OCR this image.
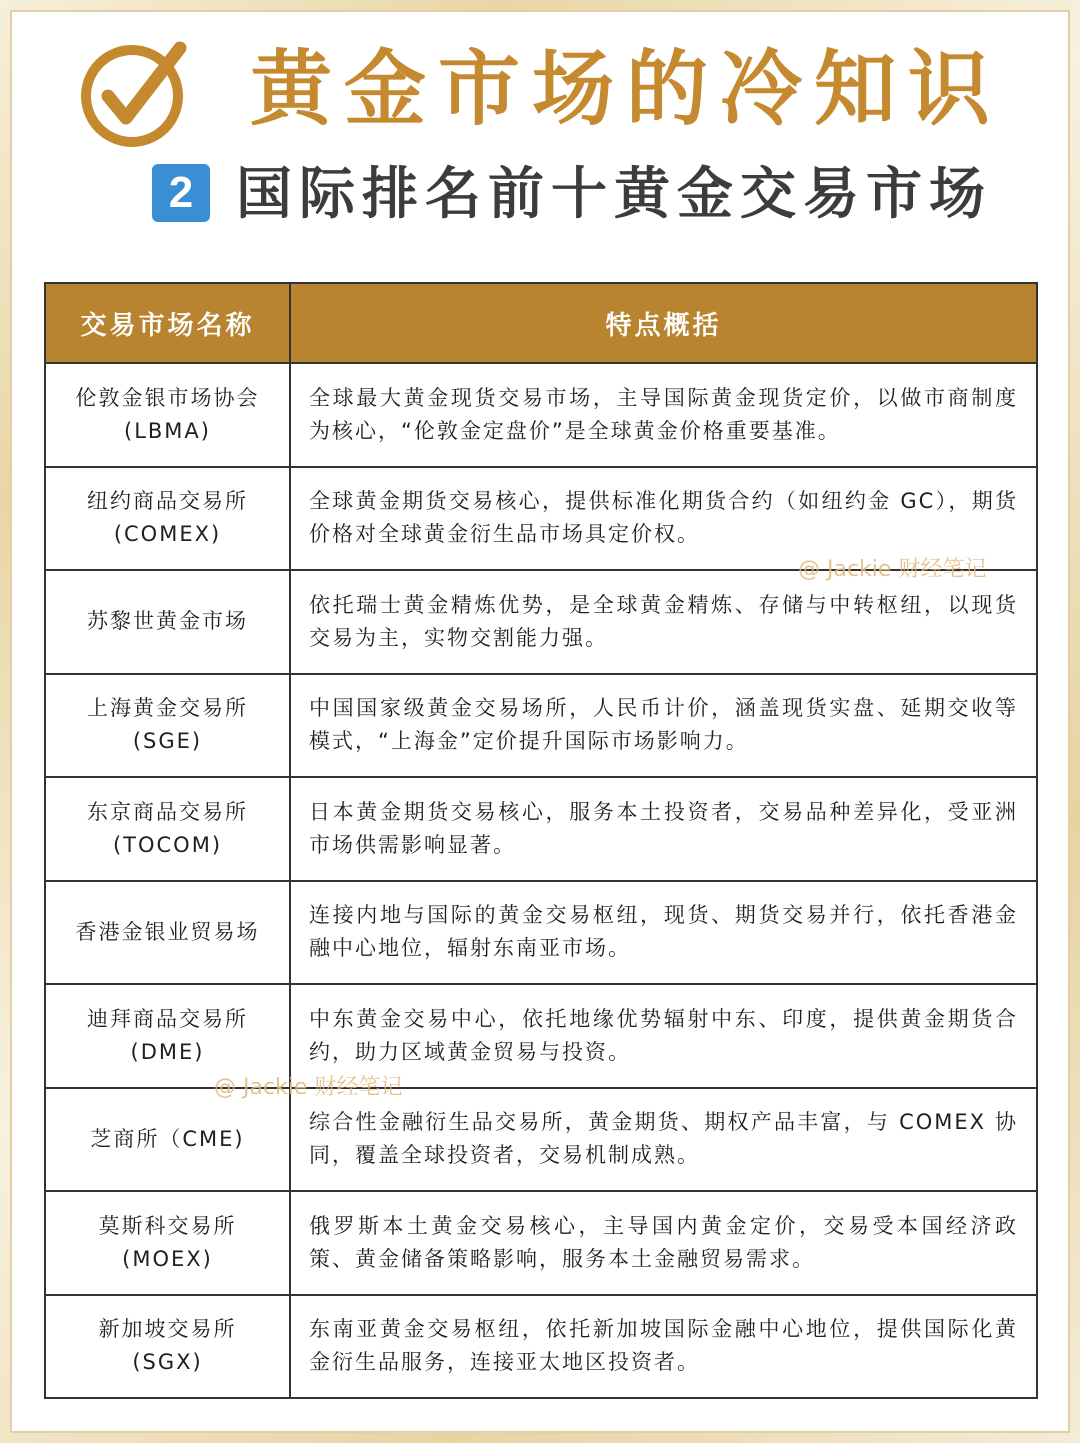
黄金市场的冷知识
2 国际排名前十黄金交易市场
交易市场名称	特点概括

伦敦金银市场协会
(LBMA)	全球最大黄金现货交易市场，主导国际黄金现货定价，以做市商制度为核心，“伦敦金定盘价”是全球黄金价格重要基准。

纽约商品交易所
(COMEX)	全球黄金期货交易核心，提供标准化期货合约（如纽约金 GC），期货价格对全球黄金衍生品市场具定价权。

苏黎世黄金市场	依托瑞士黄金精炼优势，是全球黄金精炼、存储与中转枢纽，以现货交易为主，实物交割能力强。

上海黄金交易所
(SGE)	中国国家级黄金交易场所，人民币计价，涵盖现货实盘、延期交收等模式，“上海金”定价提升国际市场影响力。

东京商品交易所
(TOCOM)	日本黄金期货交易核心，服务本土投资者，交易品种差异化，受亚洲市场供需影响显著。

香港金银业贸易场	连接内地与国际的黄金交易枢纽，现货、期货交易并行，依托香港金融中心地位，辐射东南亚市场。

迪拜商品交易所
(DME)	中东黄金交易中心，依托地缘优势辐射中东、印度，提供黄金期货合约，助力区域黄金贸易与投资。

芝商所（CME)	综合性金融衍生品交易所，黄金期货、期权产品丰富，与 COMEX 协同，覆盖全球投资者，交易机制成熟。

莫斯科交易所
(MOEX)	俄罗斯本土黄金交易核心，主导国内黄金定价，交易受本国经济政策、黄金储备策略影响，服务本土金融贸易需求。

新加坡交易所
(SGX)	东南亚黄金交易枢纽，依托新加坡国际金融中心地位，提供国际化黄金衍生品服务，连接亚太地区投资者。
@ Jackie 财经笔记
@ Jackie 财经笔记
